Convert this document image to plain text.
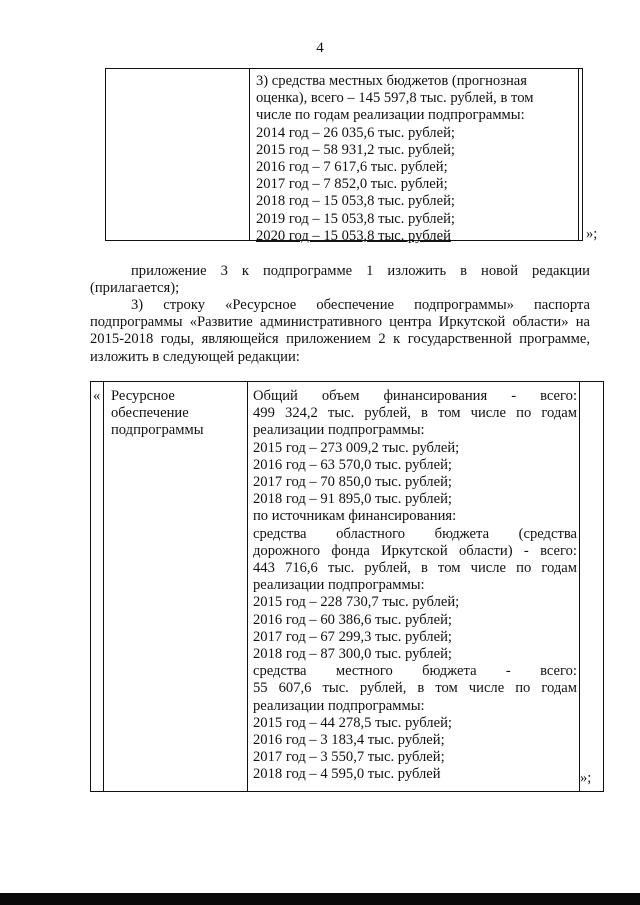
4
3) средства местных бюджетов (прогнозная
оценка), всего – 145 597,8 тыс. рублей, в том
числе по годам реализации подпрограммы:
2014 год – 26 035,6 тыс. рублей;
2015 год – 58 931,2 тыс. рублей;
2016 год – 7 617,6 тыс. рублей;
2017 год – 7 852,0 тыс. рублей;
2018 год – 15 053,8 тыс. рублей;
2019 год – 15 053,8 тыс. рублей;
2020 год – 15 053,8 тыс. рублей	»;
приложение 3 к подпрограмме 1 изложить в новой редакции
(прилагается);
3) строку «Ресурсное обеспечение подпрограммы» паспорта
подпрограммы «Развитие административного центра Иркутской области» на
2015-2018 годы, являющейся приложением 2 к государственной программе,
изложить в следующей редакции:
« Ресурсное
обеспечение
подпрограммы
Общий объем финансирования - всего:
499 324,2 тыс. рублей, в том числе по годам
реализации подпрограммы:
2015 год – 273 009,2 тыс. рублей;
2016 год – 63 570,0 тыс. рублей;
2017 год – 70 850,0 тыс. рублей;
2018 год – 91 895,0 тыс. рублей;
по источникам финансирования:
средства областного бюджета (средства
дорожного фонда Иркутской области) - всего:
443 716,6 тыс. рублей, в том числе по годам
реализации подпрограммы:
2015 год – 228 730,7 тыс. рублей;
2016 год – 60 386,6 тыс. рублей;
2017 год – 67 299,3 тыс. рублей;
2018 год – 87 300,0 тыс. рублей;
средства местного бюджета - всего:
55 607,6 тыс. рублей, в том числе по годам
реализации подпрограммы:
2015 год – 44 278,5 тыс. рублей;
2016 год – 3 183,4 тыс. рублей;
2017 год – 3 550,7 тыс. рублей;
2018 год – 4 595,0 тыс. рублей	»;
